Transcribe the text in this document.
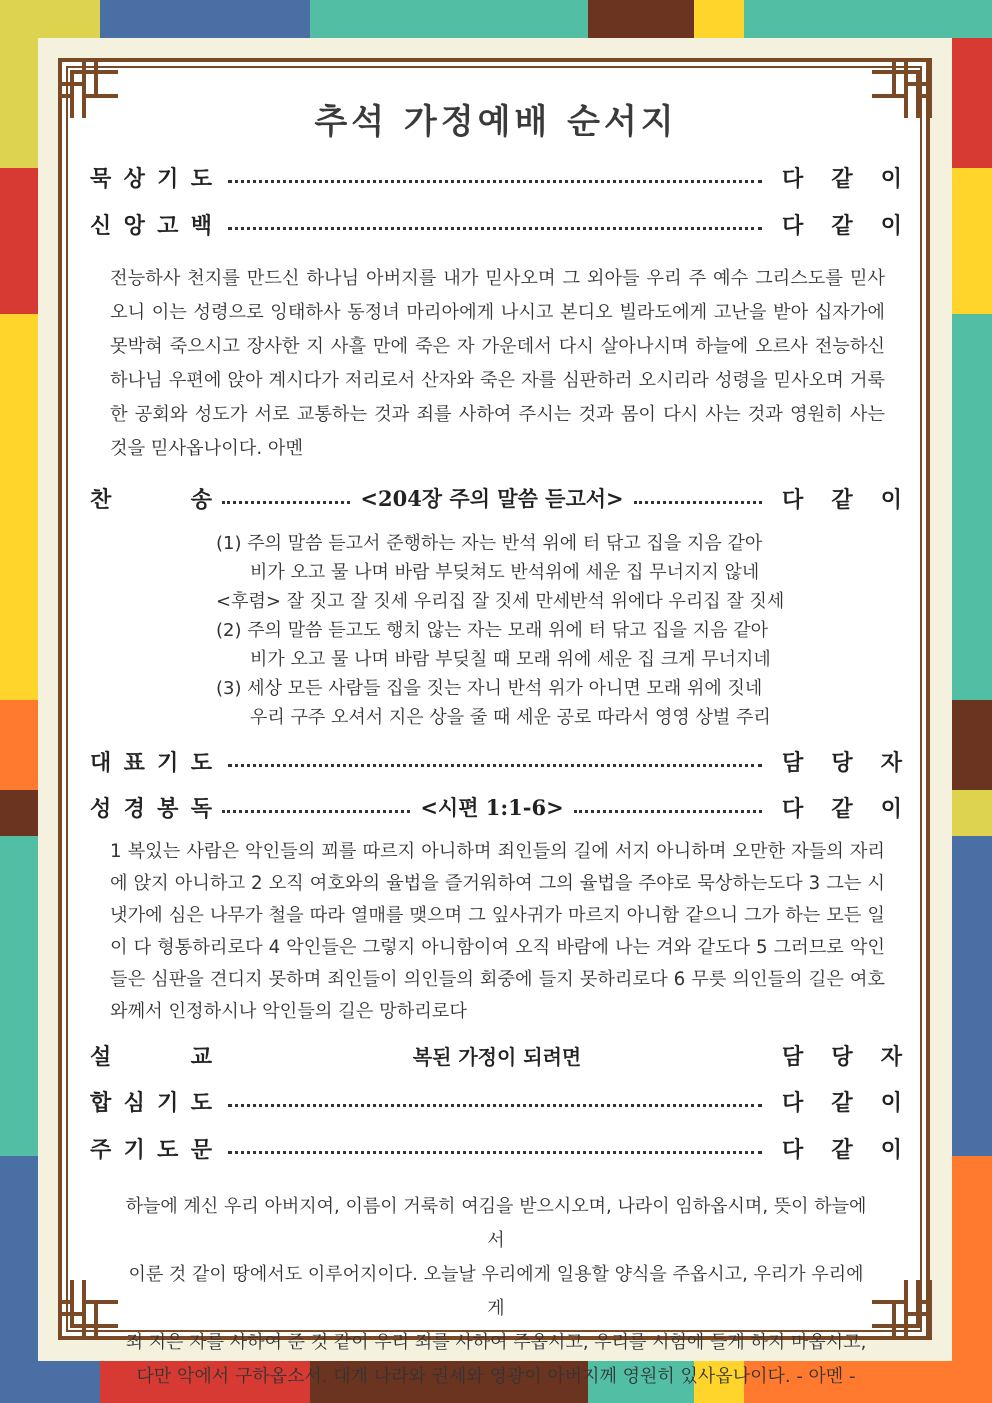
추석 가정예배 순서지
묵 상 기 도	다 같 이
신 앙 고 백	다 같 이
전능하사 천지를 만드신 하나님 아버지를 내가 믿사오며 그 외아들 우리 주 예수 그리스도를 믿사오니 이는 성령으로 잉태하사 동정녀 마리아에게 나시고 본디오 빌라도에게 고난을 받아 십자가에 못박혀 죽으시고 장사한 지 사흘 만에 죽은 자 가운데서 다시 살아나시며 하늘에 오르사 전능하신 하나님 우편에 앉아 계시다가 저리로서 산자와 죽은 자를 심판하러 오시리라 성령을 믿사오며 거룩한 공회와 성도가 서로 교통하는 것과 죄를 사하여 주시는 것과 몸이 다시 사는 것과 영원히 사는 것을 믿사옵나이다. 아멘
찬	송	<204장 주의 말씀 듣고서>	다 같 이
(1) 주의 말씀 듣고서 준행하는 자는 반석 위에 터 닦고 집을 지음 같아
비가 오고 물 나며 바람 부딪쳐도 반석위에 세운 집 무너지지 않네
<후렴> 잘 짓고 잘 짓세 우리집 잘 짓세 만세반석 위에다 우리집 잘 짓세
(2) 주의 말씀 듣고도 행치 않는 자는 모래 위에 터 닦고 집을 지음 같아
비가 오고 물 나며 바람 부딪칠 때 모래 위에 세운 집 크게 무너지네
(3) 세상 모든 사람들 집을 짓는 자니 반석 위가 아니면 모래 위에 짓네
우리 구주 오셔서 지은 상을 줄 때 세운 공로 따라서 영영 상벌 주리
대 표 기 도	담 당 자
성 경 봉 독	<시편 1:1-6>	다 같 이
1 복있는 사람은 악인들의 꾀를 따르지 아니하며 죄인들의 길에 서지 아니하며 오만한 자들의 자리에 앉지 아니하고 2 오직 여호와의 율법을 즐거워하여 그의 율법을 주야로 묵상하는도다 3 그는 시냇가에 심은 나무가 철을 따라 열매를 맺으며 그 잎사귀가 마르지 아니함 같으니 그가 하는 모든 일이 다 형통하리로다 4 악인들은 그렇지 아니함이여 오직 바람에 나는 겨와 같도다 5 그러므로 악인들은 심판을 견디지 못하며 죄인들이 의인들의 회중에 들지 못하리로다 6 무릇 의인들의 길은 여호와께서 인정하시나 악인들의 길은 망하리로다
설	교	복된 가정이 되려면	담 당 자
합 심 기 도	다 같 이
주 기 도 문	다 같 이
하늘에 계신 우리 아버지여, 이름이 거룩히 여김을 받으시오며, 나라이 임하옵시며, 뜻이 하늘에서
이룬 것 같이 땅에서도 이루어지이다. 오늘날 우리에게 일용할 양식을 주옵시고, 우리가 우리에게
죄 지은 자를 사하여 준 것 같이 우리 죄를 사하여 주옵시고, 우리를 시험에 들게 하지 마옵시고,
다만 악에서 구하옵소서. 대개 나라와 권세와 영광이 아버지께 영원히 있사옵나이다. - 아멘 -
